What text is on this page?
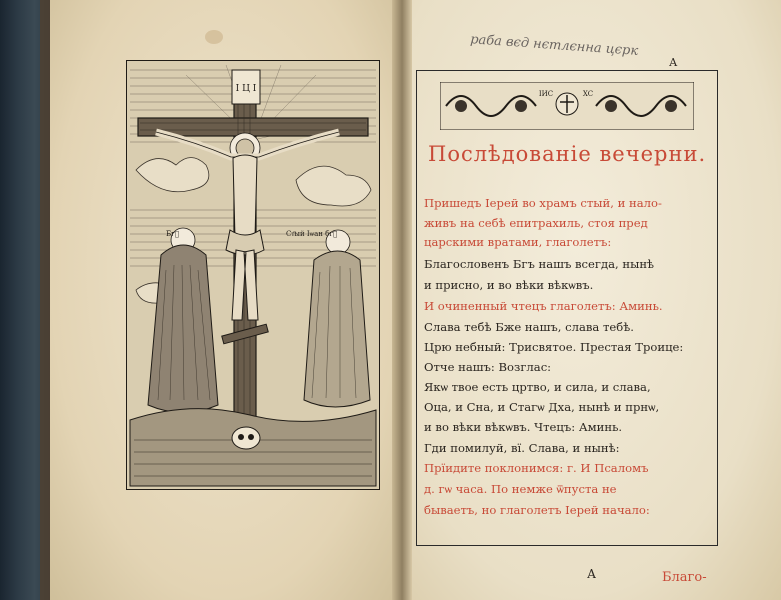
I Ц I
Бгⷣ	Ст҃ый Іѡан бгⷭ
раба вєд нєтлєнна цєрк
А
ІИС	ХС
Послѣдованіе вечерни.
Пришедъ Іерей во храмъ стый, и нало-
живъ на себѣ епитрахиль, стоя пред
царскими вратами, глаголетъ:
Благословенъ Бгъ нашъ всегда, нынѣ
и присно, и во вѣки вѣкѡвъ.
И очиненный чтецъ глаголетъ: Аминь.
Слава тебѣ Бже нашъ, слава тебѣ.
Црю небный: Трисвятое. Престая Троице:
Отче нашъ: Возглас:
Якѡ твое есть цртво, и сила, и слава,
Оца, и Сна, и Стагѡ Дха, нынѣ и прнѡ,
и во вѣки вѣкѡвъ. Чтецъ: Аминь.
Гди помилуй, вї. Слава, и нынѣ:
Прїидите поклонимся: г. И Псаломъ
д. гѡ часа. По немже ѿпуста не
бываетъ, но глаголетъ Іерей начало:
А	Благо-
